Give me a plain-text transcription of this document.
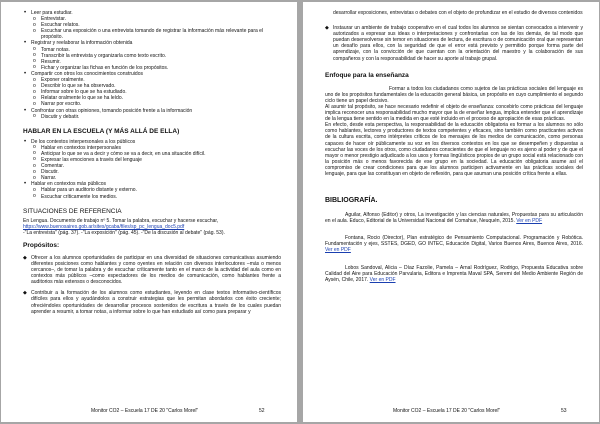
• Leer para estudiar.
o Entrevistar.
o Escuchar relatos.
o Escuchar una exposición o una entrevista tomando de registrar la información más relevante para el propósito.
• Registrar y reelaborar la información obtenida
o Tomar notas.
o Transcribir la entrevista y organizarla como texto escrito.
o Resumir.
o Fichar y organizar las fichas en función de los propósitos.
• Compartir con otros los conocimientos construidos
o Exponer oralmente.
o Describir lo que se ha observado.
o Informar sobre lo que se ha estudiado.
o Relatar oralmente lo que se ha leído.
o Narrar por escrito.
• Confrontar con otras opiniones, tomando posición frente a la información
o Discutir y debatir.
HABLAR EN LA ESCUELA (Y MÁS ALLÁ DE ELLA)
• De los contextos interpersonales a los públicos
o Hablar en contextos interpersonales
o Anticipar lo que se va a decir y cómo se va a decir, en una situación difícil.
o Expresar las emociones a través del lenguaje
o Comentar.
o Discutir.
o Narrar.
• Hablar en contextos más públicos
o Hablar para un auditorio distante y externo.
o Escuchar críticamente los medios.
SITUACIONES DE REFERENCIA

En Lengua. Documento de trabajo nº 5. Tomar la palabra, escuchar y hacerse escuchar,

https://www.buenosaires.gob.ar/sites/gcaba/files/sp_pc_lengua_doc5.pdf

-"La entrevista" (pág. 37). -"La exposición" (pág. 45). -"De la discusión al debate" (pág. 53).

Propósitos:
◆ Ofrecer a los alumnos oportunidades de participar en una diversidad de situaciones comunicativas asumiendo diferentes posiciones como hablantes y como oyentes en relación con diversos interlocutores –más o menos cercanos–, de tomar la palabra y de escuchar críticamente tanto en el marco de la actividad del aula como en contextos más públicos –como espectadores de los medios de comunicación, como hablantes frente a auditorios más extensos o desconocidos.
◆ Contribuir a la formación de los alumnos como estudiantes, leyendo en clase textos informativo-científicos difíciles para ellos y ayudándolos a construir estrategias que les permitan abordarlos con éxito creciente; ofreciéndoles oportunidades de desarrollar procesos sostenidos de escritura a través de los cuales puedan aprender a resumir, a tomar notas, a informar sobre lo que han estudiado así como para preparar y
Monitor CO2 – Escuela 17 DE 20 "Carlos Morel"	52

desarrollar exposiciones, entrevistas o debates con el objeto de profundizar en el estudio de diversos contenidos

◆ Instaurar un ambiente de trabajo cooperativo en el cual todos los alumnos se sientan convocados a intervenir y autorizados a expresar sus ideas o interpretaciones y confrontarlas con las de los demás, de tal modo que puedan desenvolverse sin temor en situaciones de lectura, de escritura o de comunicación oral que representan un desafío para ellos, con la seguridad de que el error está previsto y permitido porque forma parte del aprendizaje, con la convicción de que cuentan con la orientación del maestro y la colaboración de sus compañeros y con la responsabilidad de hacer su aporte al trabajo grupal.
Enfoque para la enseñanza

Formar a todos los ciudadanos como sujetos de las prácticas sociales del lenguaje es uno de los propósitos fundamentales de la educación general básica, un propósito en cuyo cumplimiento el segundo ciclo tiene un papel decisivo.

Al asumir tal propósito, se hace necesario redefinir el objeto de enseñanza: concebirlo como prácticas del lenguaje implica reconocer una responsabilidad mucho mayor que la de enseñar lengua, implica entender que el aprendizaje de la lengua tiene sentido en la medida en que esté incluido en el proceso de apropiación de esas prácticas.

En efecto, desde esta perspectiva, la responsabilidad de la educación obligatoria es formar a los alumnos no sólo como hablantes, lectores y productores de textos competentes y eficaces, sino también como practicantes activos de la cultura escrita, como intérpretes críticos de los mensajes de los medios de comunicación, como personas capaces de hacer oír públicamente su voz en los diversos contextos en los que se desempeñen y dispuestas a escuchar las voces de los otros, como ciudadanos conscientes de que el lenguaje no es ajeno al poder y de que el mayor o menor prestigio adjudicado a los usos y formas lingüísticos propios de un grupo social está relacionado con la posición más o menos favorecida de ese grupo en la sociedad. La educación obligatoria asume así el compromiso de crear condiciones para que los alumnos participen activamente en las prácticas sociales del lenguaje, para que las constituyan en objeto de reflexión, para que asuman una posición crítica frente a ellas.

BIBLIOGRAFÍA.

Aguilar, Alfonso (Editor) y otros, La investigación y las ciencias naturales, Propuestas para su articulación en el aula. Educo, Editorial de la Universidad Nacional del Comahue, Neuquén, 2015. Ver en PDF

Fontana, Rocio (Director), Plan estratégico de Pensamiento Computacional. Programación y Robótica. Fundamentación y ejes, SSTES, DGED, GO INTEC, Educación Digital, Varios Buenos Aires, Buenos Aires, 2016. Ver en PDF

Lobos Sandoval, Alicia – Díaz Fazolie, Pamela – Arnal Rodríguez, Rodrigo, Propuesta Educativa sobre Calidad del Aire para Educación Parvularia, Editora e Imprenta Maval SPA, Seremi del Medio Ambiente Región de Aysén, Chile, 2017. Ver en PDF

Monitor CO2 – Escuela 17 DE 20 "Carlos Morel"	53
